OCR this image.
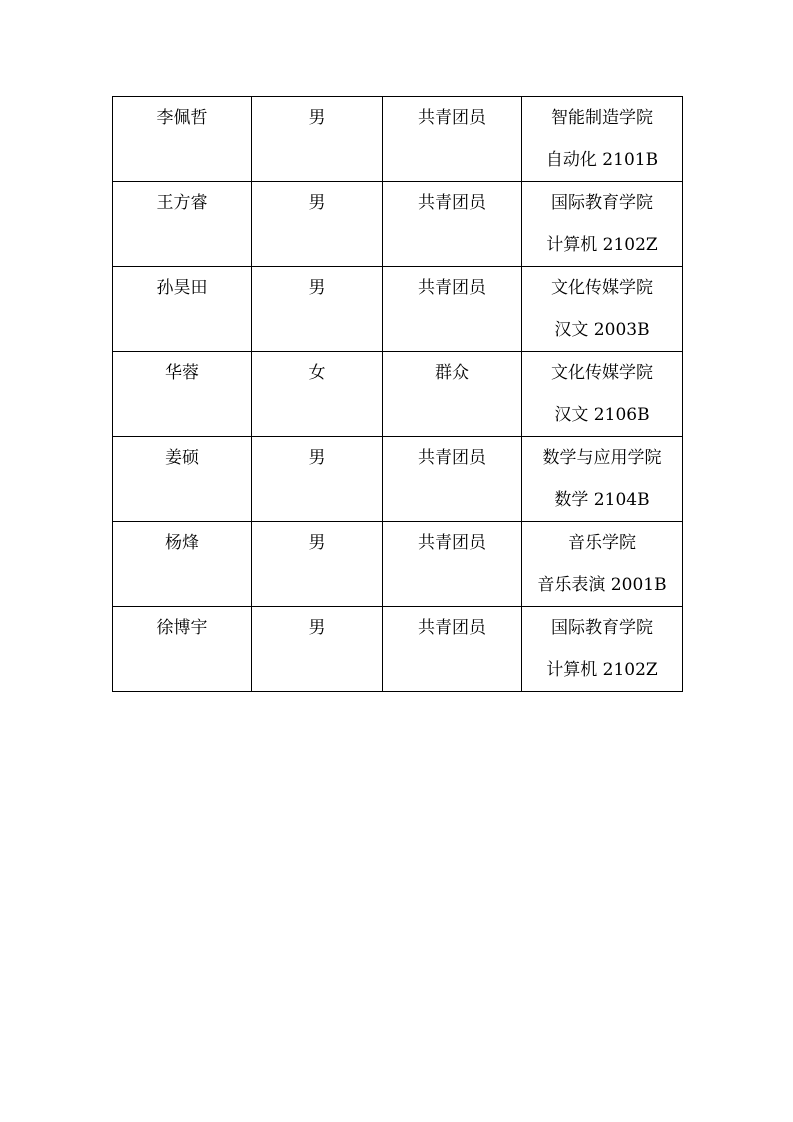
李佩哲	男	共青团员	智能制造学院
自动化 2101B

王方睿	男	共青团员	国际教育学院
计算机 2102Z

孙昊田	男	共青团员	文化传媒学院
汉文 2003B

华蓉	女	群众	文化传媒学院
汉文 2106B

姜硕	男	共青团员	数学与应用学院
数学 2104B

杨烽	男	共青团员	音乐学院
音乐表演 2001B

徐博宇	男	共青团员	国际教育学院
计算机 2102Z
